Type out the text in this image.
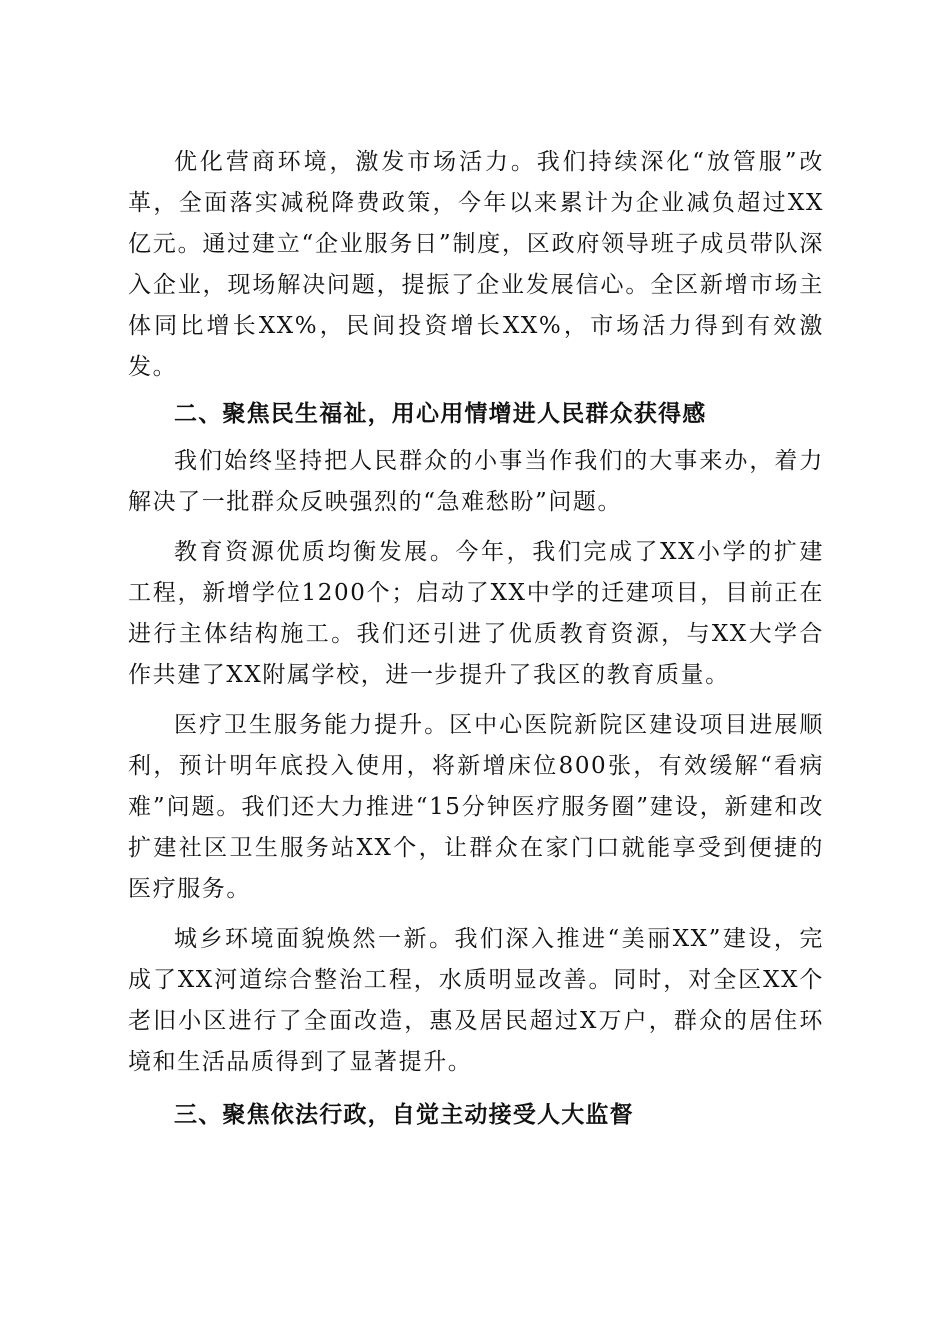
优化营商环境，激发市场活力。我们持续深化“放管服”改革，全面落实减税降费政策，今年以来累计为企业减负超过XX亿元。通过建立“企业服务日”制度，区政府领导班子成员带队深入企业，现场解决问题，提振了企业发展信心。全区新增市场主体同比增长XX%，民间投资增长XX%，市场活力得到有效激发。

二、聚焦民生福祉，用心用情增进人民群众获得感

我们始终坚持把人民群众的小事当作我们的大事来办，着力解决了一批群众反映强烈的“急难愁盼”问题。

教育资源优质均衡发展。今年，我们完成了XX小学的扩建工程，新增学位1200个；启动了XX中学的迁建项目，目前正在进行主体结构施工。我们还引进了优质教育资源，与XX大学合作共建了XX附属学校，进一步提升了我区的教育质量。

医疗卫生服务能力提升。区中心医院新院区建设项目进展顺利，预计明年底投入使用，将新增床位800张，有效缓解“看病难”问题。我们还大力推进“15分钟医疗服务圈”建设，新建和改扩建社区卫生服务站XX个，让群众在家门口就能享受到便捷的医疗服务。

城乡环境面貌焕然一新。我们深入推进“美丽XX”建设，完成了XX河道综合整治工程，水质明显改善。同时，对全区XX个老旧小区进行了全面改造，惠及居民超过X万户，群众的居住环境和生活品质得到了显著提升。

三、聚焦依法行政，自觉主动接受人大监督
